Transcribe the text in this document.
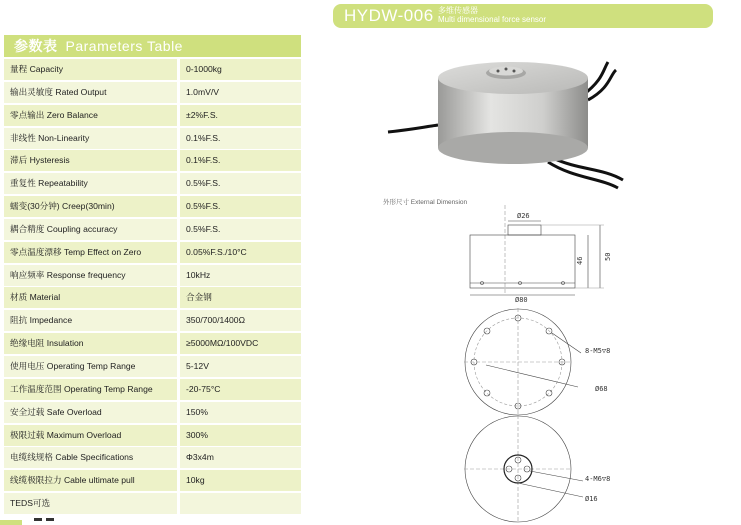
参数表 Parameters Table
量程 Capacity	0-1000kg
输出灵敏度 Rated Output	1.0mV/V
零点输出 Zero Balance	±2%F.S.
非线性 Non-Linearity	0.1%F.S.
滞后 Hysteresis	0.1%F.S.
重复性 Repeatability	0.5%F.S.
蠕变(30分钟) Creep(30min)	0.5%F.S.
耦合精度 Coupling accuracy	0.5%F.S.
零点温度漂移 Temp Effect on Zero	0.05%F.S./10°C
响应频率 Response frequency	10kHz
材质 Material	合金钢
阻抗 Impedance	350/700/1400Ω
绝缘电阻 Insulation	≥5000MΩ/100VDC
使用电压 Operating Temp Range	5-12V
工作温度范围 Operating Temp Range	-20-75°C
安全过载 Safe Overload	150%
极限过载 Maximum Overload	300%
电缆线规格 Cable Specifications	Φ3x4m
线缆极限拉力 Cable ultimate pull	10kg
TEDS可选
HYDW-006 多维传感器
Multi dimensional force sensor
外形尺寸 External Dimension
Ø26
Ø80
46	50
8-M5▽8
Ø68
4-M6▽8
Ø16
